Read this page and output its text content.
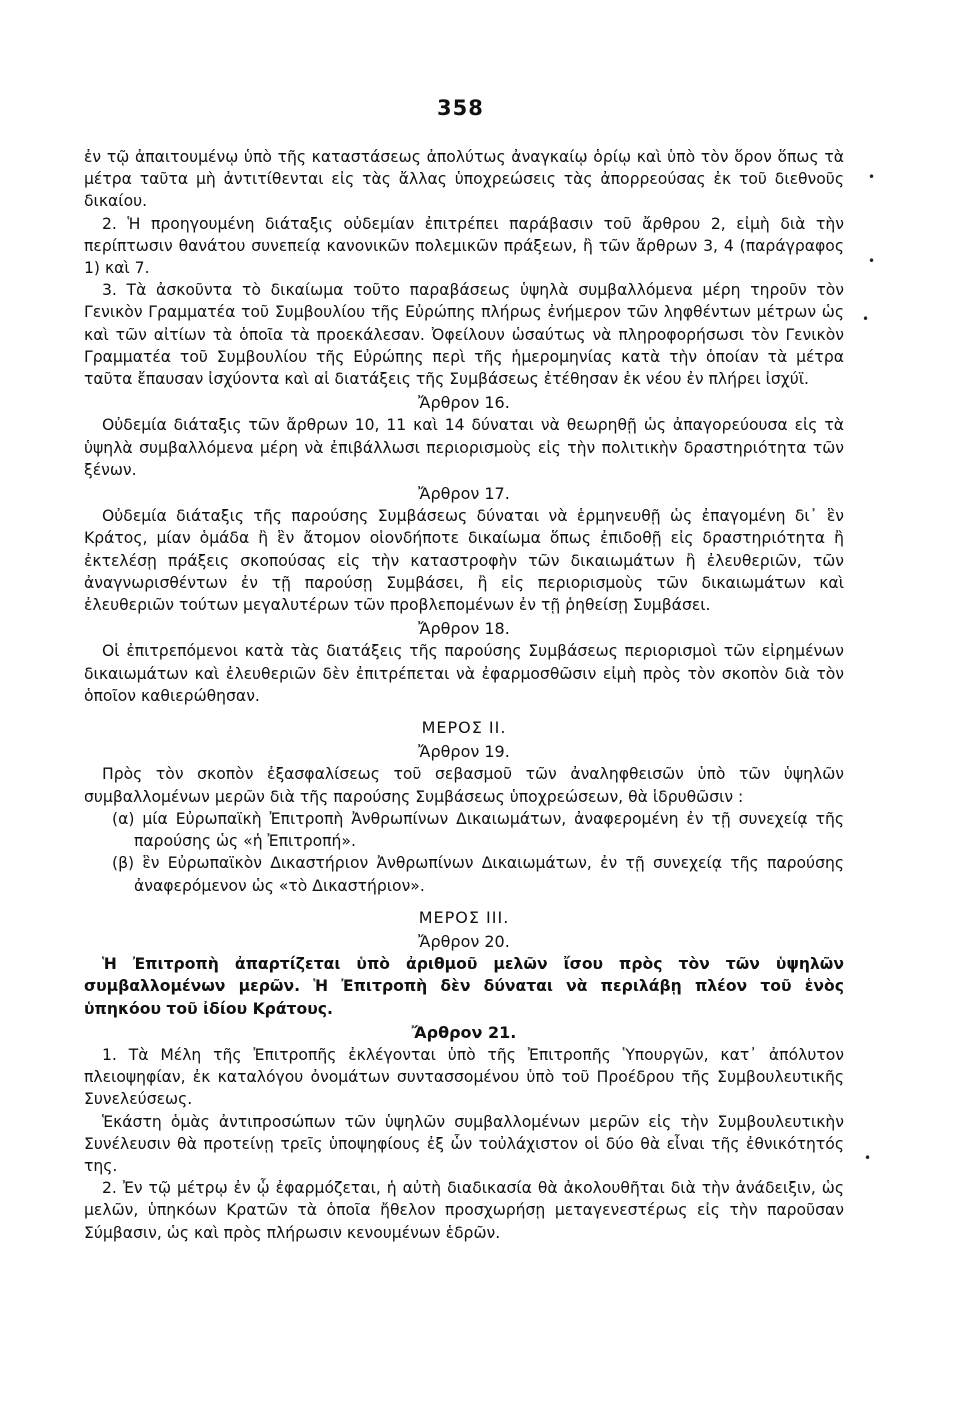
358
•
•
•
•

ἐν τῷ ἀπαιτουμένῳ ὑπὸ τῆς καταστάσεως ἀπολύτως ἀναγκαίῳ ὁρίῳ καὶ ὑπὸ τὸν ὅρον ὅπως τὰ μέτρα ταῦτα μὴ ἀντιτίθενται εἰς τὰς ἄλλας ὑποχρεώσεις τὰς ἀπορρεούσας ἐκ τοῦ διεθνοῦς δικαίου.

2. Ἡ προηγουμένη διάταξις οὐδεμίαν ἐπιτρέπει παράβασιν τοῦ ἄρθρου 2, εἰμὴ διὰ τὴν περίπτωσιν θανάτου συνεπείᾳ κανονικῶν πολεμικῶν πράξεων, ἢ τῶν ἄρθρων 3, 4 (παράγραφος 1) καὶ 7.

3. Τὰ ἀσκοῦντα τὸ δικαίωμα τοῦτο παραβάσεως ὑψηλὰ συμβαλλόμενα μέρη τηροῦν τὸν Γενικὸν Γραμματέα τοῦ Συμβουλίου τῆς Εὐρώπης πλήρως ἐνήμερον τῶν ληφθέντων μέτρων ὡς καὶ τῶν αἰτίων τὰ ὁποῖα τὰ προεκάλεσαν. Ὀφείλουν ὡσαύτως νὰ πληροφορήσωσι τὸν Γενικὸν Γραμματέα τοῦ Συμβουλίου τῆς Εὐρώπης περὶ τῆς ἡμερομηνίας κατὰ τὴν ὁποίαν τὰ μέτρα ταῦτα ἔπαυσαν ἰσχύοντα καὶ αἱ διατάξεις τῆς Συμβάσεως ἐτέθησαν ἐκ νέου ἐν πλήρει ἰσχύϊ.

Ἄρθρον 16.

Οὐδεμία διάταξις τῶν ἄρθρων 10, 11 καὶ 14 δύναται νὰ θεωρηθῇ ὡς ἀπαγορεύουσα εἰς τὰ ὑψηλὰ συμβαλλόμενα μέρη νὰ ἐπιβάλλωσι περιορισμοὺς εἰς τὴν πολιτικὴν δραστηριότητα τῶν ξένων.

Ἄρθρον 17.

Οὐδεμία διάταξις τῆς παρούσης Συμβάσεως δύναται νὰ ἑρμηνευθῇ ὡς ἐπαγομένη δι᾽ ἓν Κράτος, μίαν ὁμάδα ἢ ἓν ἄτομον οἱονδήποτε δικαίωμα ὅπως ἐπιδοθῇ εἰς δραστηριότητα ἢ ἐκτελέσῃ πράξεις σκοπούσας εἰς τὴν καταστροφὴν τῶν δικαιωμάτων ἢ ἐλευθεριῶν, τῶν ἀναγνωρισθέντων ἐν τῇ παρούσῃ Συμβάσει, ἢ εἰς περιορισμοὺς τῶν δικαιωμάτων καὶ ἐλευθεριῶν τούτων μεγαλυτέρων τῶν προβλεπομένων ἐν τῇ ῥηθείσῃ Συμβάσει.

Ἄρθρον 18.

Οἱ ἐπιτρεπόμενοι κατὰ τὰς διατάξεις τῆς παρούσης Συμβάσεως περιορισμοὶ τῶν εἰρημένων δικαιωμάτων καὶ ἐλευθεριῶν δὲν ἐπιτρέπεται νὰ ἐφαρμοσθῶσιν εἰμὴ πρὸς τὸν σκοπὸν διὰ τὸν ὁποῖον καθιερώθησαν.

ΜΕΡΟΣ ΙΙ.

Ἄρθρον 19.

Πρὸς τὸν σκοπὸν ἐξασφαλίσεως τοῦ σεβασμοῦ τῶν ἀναληφθεισῶν ὑπὸ τῶν ὑψηλῶν συμβαλλομένων μερῶν διὰ τῆς παρούσης Συμβάσεως ὑποχρεώσεων, θὰ ἱδρυθῶσιν :

(α) μία Εὐρωπαϊκὴ Ἐπιτροπὴ Ἀνθρωπίνων Δικαιωμάτων, ἀναφερομένη ἐν τῇ συνεχείᾳ τῆς παρούσης ὡς «ἡ Ἐπιτροπή».

(β) ἓν Εὐρωπαϊκὸν Δικαστήριον Ἀνθρωπίνων Δικαιωμάτων, ἐν τῇ συνεχείᾳ τῆς παρούσης ἀναφερόμενον ὡς «τὸ Δικαστήριον».

ΜΕΡΟΣ ΙΙΙ.

Ἄρθρον 20.

Ἡ Ἐπιτροπὴ ἀπαρτίζεται ὑπὸ ἀριθμοῦ μελῶν ἴσου πρὸς τὸν τῶν ὑψηλῶν συμβαλλομένων μερῶν. Ἡ Ἐπιτροπὴ δὲν δύναται νὰ περιλάβῃ πλέον τοῦ ἑνὸς ὑπηκόου τοῦ ἰδίου Κράτους.

Ἄρθρον 21.

1. Τὰ Μέλη τῆς Ἐπιτροπῆς ἐκλέγονται ὑπὸ τῆς Ἐπιτροπῆς Ὑπουργῶν, κατ᾽ ἀπόλυτον πλειοψηφίαν, ἐκ καταλόγου ὀνομάτων συντασσομένου ὑπὸ τοῦ Προέδρου τῆς Συμβουλευτικῆς Συνελεύσεως.

Ἑκάστη ὁμὰς ἀντιπροσώπων τῶν ὑψηλῶν συμβαλλομένων μερῶν εἰς τὴν Συμβουλευτικὴν Συνέλευσιν θὰ προτείνῃ τρεῖς ὑποψηφίους ἐξ ὧν τοὐλάχιστον οἱ δύο θὰ εἶναι τῆς ἐθνικότητός της.

2. Ἐν τῷ μέτρῳ ἐν ᾧ ἐφαρμόζεται, ἡ αὐτὴ διαδικασία θὰ ἀκολουθῆται διὰ τὴν ἀνάδειξιν, ὡς μελῶν, ὑπηκόων Κρατῶν τὰ ὁποῖα ἤθελον προσχωρήσῃ μεταγενεστέρως εἰς τὴν παροῦσαν Σύμβασιν, ὡς καὶ πρὸς πλήρωσιν κενουμένων ἑδρῶν.
